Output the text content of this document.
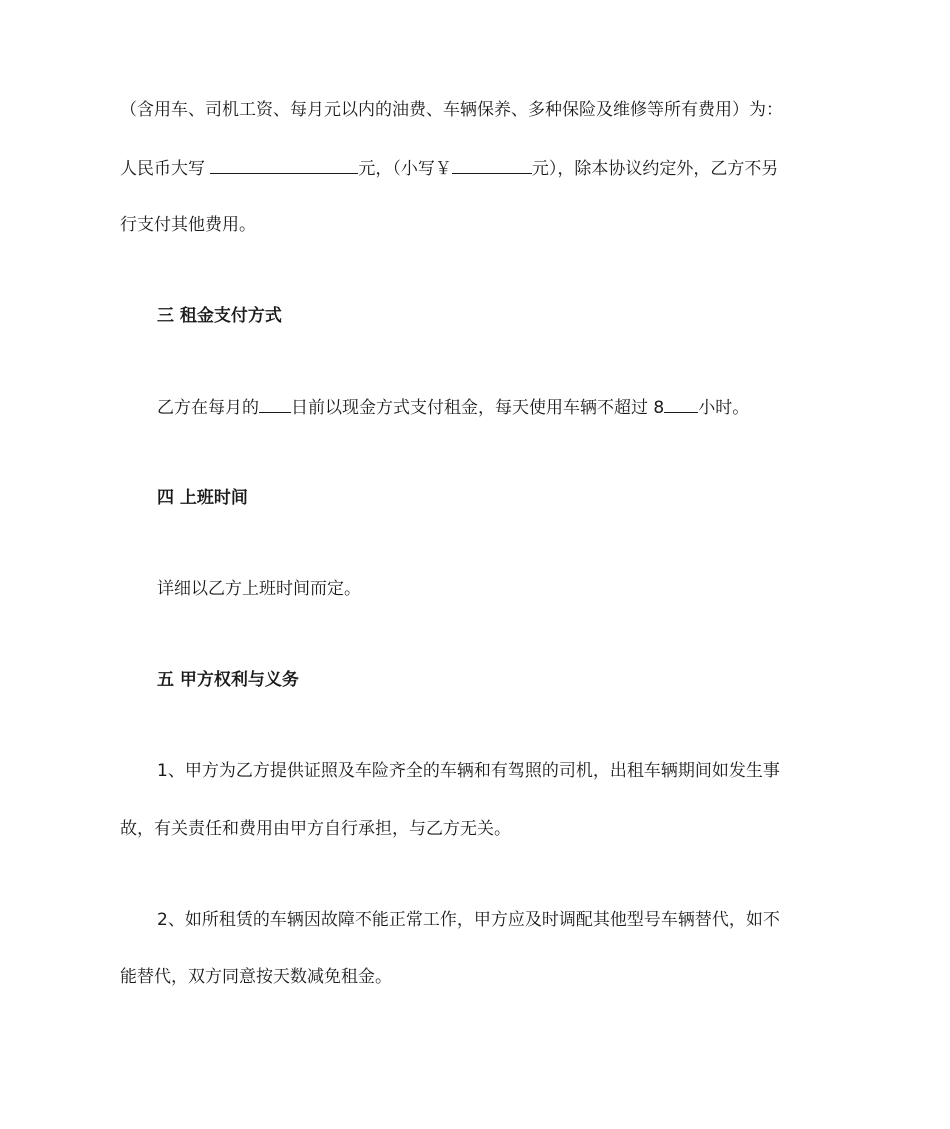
（含用车、司机工资、每月元以内的油费、车辆保养、多种保险及维修等所有费用）为：
人民币大写	元，（小写￥	元），除本协议约定外，乙方不另
行支付其他费用。
三 租金支付方式
乙方在每月的 日前以现金方式支付租金，每天使用车辆不超过 8 小时。
四 上班时间
详细以乙方上班时间而定。
五 甲方权利与义务
1、甲方为乙方提供证照及车险齐全的车辆和有驾照的司机，出租车辆期间如发生事
故，有关责任和费用由甲方自行承担，与乙方无关。
2、如所租赁的车辆因故障不能正常工作，甲方应及时调配其他型号车辆替代，如不
能替代，双方同意按天数减免租金。
